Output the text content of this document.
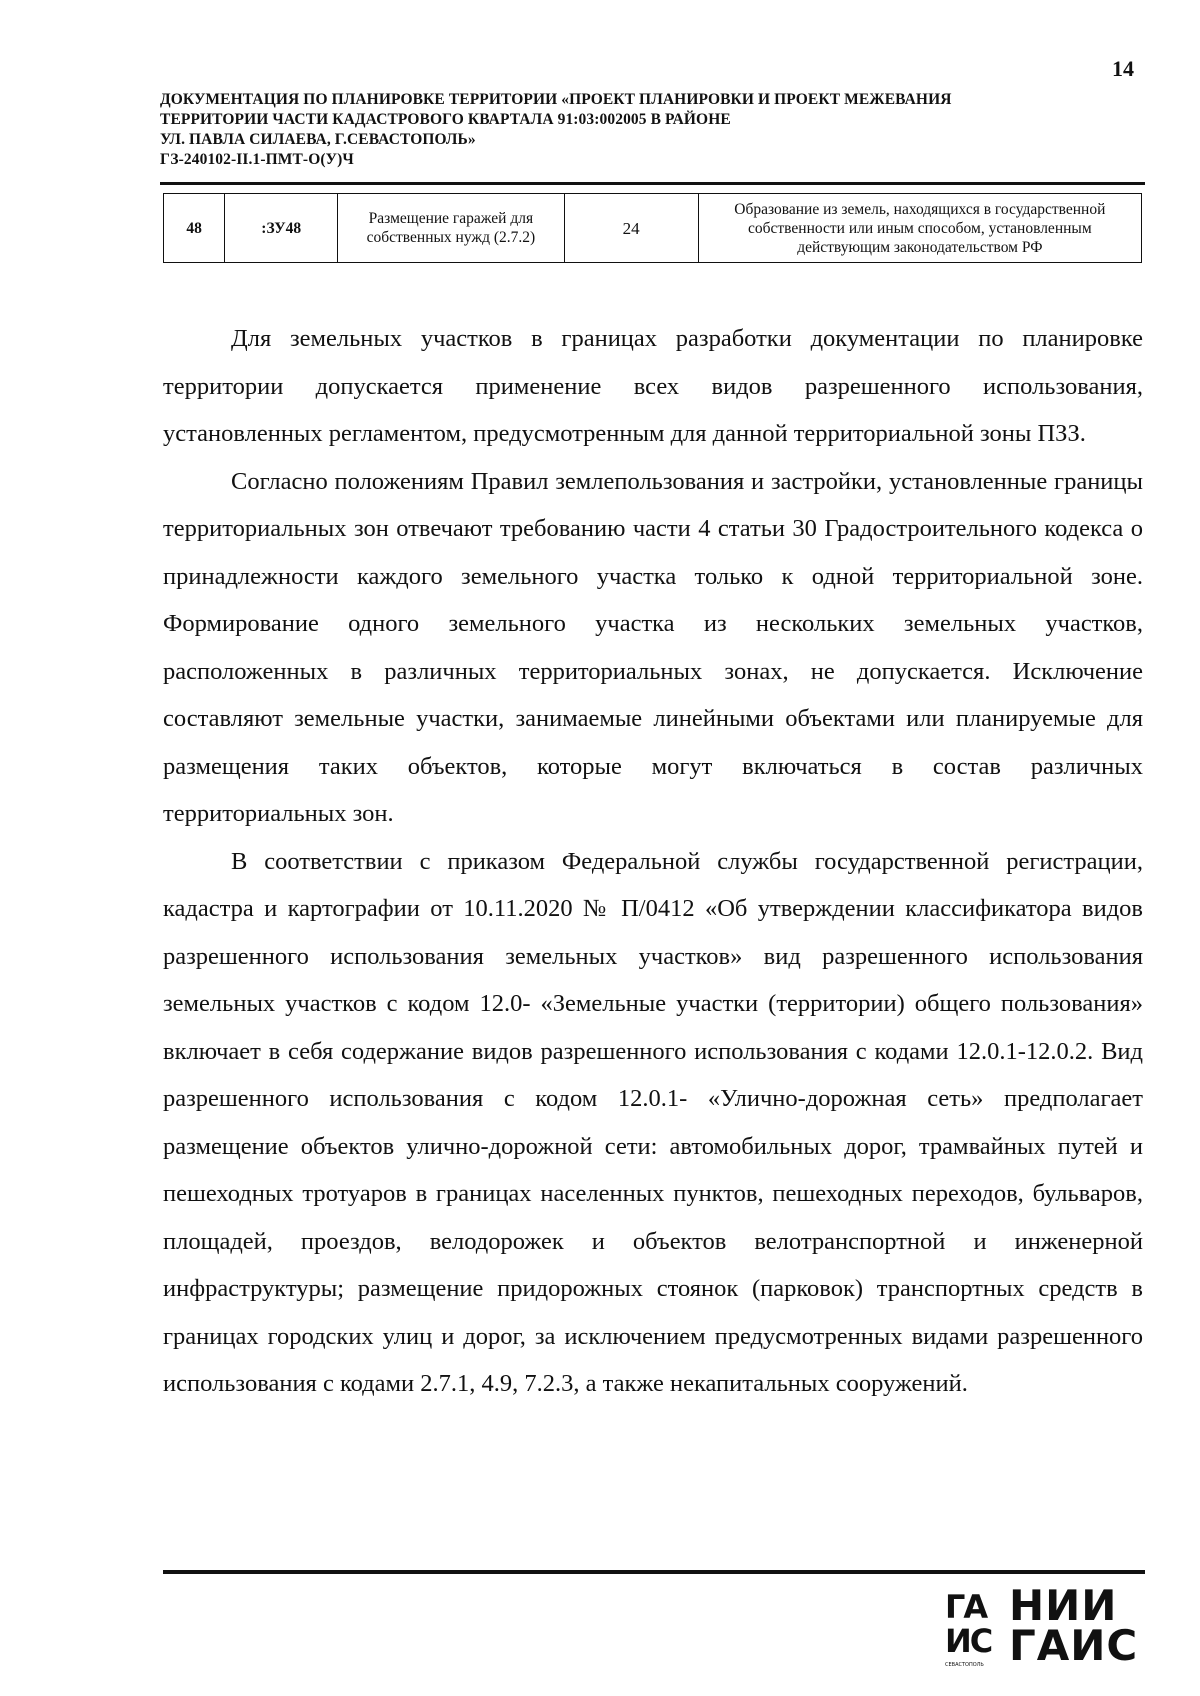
14
ДОКУМЕНТАЦИЯ ПО ПЛАНИРОВКЕ ТЕРРИТОРИИ «ПРОЕКТ ПЛАНИРОВКИ И ПРОЕКТ МЕЖЕВАНИЯ
ТЕРРИТОРИИ ЧАСТИ КАДАСТРОВОГО КВАРТАЛА 91:03:002005 В РАЙОНЕ
УЛ. ПАВЛА СИЛАЕВА, Г.СЕВАСТОПОЛЬ»
ГЗ-240102-II.1-ПМТ-О(У)Ч
48	:ЗУ48	Размещение гаражей для собственных нужд (2.7.2)	24	Образование из земель, находящихся в государственной собственности или иным способом, установленным действующим законодательством РФ

Для земельных участков в границах разработки документации по планировке территории допускается применение всех видов разрешенного использования, установленных регламентом, предусмотренным для данной территориальной зоны ПЗЗ.

Согласно положениям Правил землепользования и застройки, установленные границы территориальных зон отвечают требованию части 4 статьи 30 Градостроительного кодекса о принадлежности каждого земельного участка только к одной территориальной зоне. Формирование одного земельного участка из нескольких земельных участков, расположенных в различных территориальных зонах, не допускается. Исключение составляют земельные участки, занимаемые линейными объектами или планируемые для размещения таких объектов, которые могут включаться в состав различных территориальных зон.

В соответствии с приказом Федеральной службы государственной регистрации, кадастра и картографии от 10.11.2020 № П/0412 «Об утверждении классификатора видов разрешенного использования земельных участков» вид разрешенного использования земельных участков с кодом 12.0- «Земельные участки (территории) общего пользования» включает в себя содержание видов разрешенного использования с кодами 12.0.1-12.0.2. Вид разрешенного использования с кодом 12.0.1- «Улично-дорожная сеть» предполагает размещение объектов улично-дорожной сети: автомобильных дорог, трамвайных путей и пешеходных тротуаров в границах населенных пунктов, пешеходных переходов, бульваров, площадей, проездов, велодорожек и объектов велотранспортной и инженерной инфраструктуры; размещение придорожных стоянок (парковок) транспортных средств в границах городских улиц и дорог, за исключением предусмотренных видами разрешенного использования с кодами 2.7.1, 4.9, 7.2.3, а также некапитальных сооружений.

ГА
ИС
СЕВАСТОПОЛЬ
НИИ
ГАИС
